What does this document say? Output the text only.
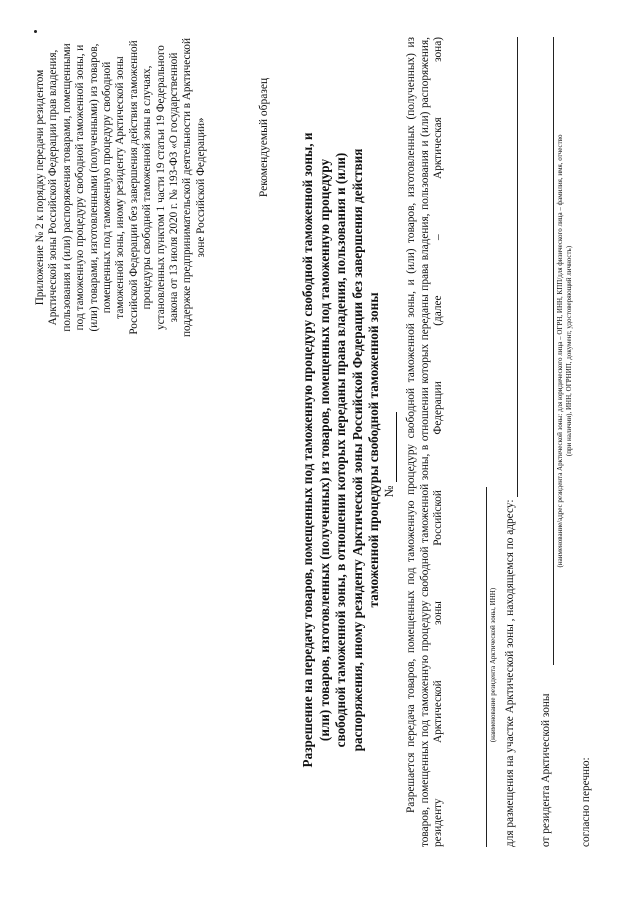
Приложение № 2 к порядку передачи резидентом Арктической зоны Российской Федерации прав владения, пользования и (или) распоряжения товарами, помещенными под таможенную процедуру свободной таможенной зоны, и (или) товарами, изготовленными (полученными) из товаров, помещенных под таможенную процедуру свободной таможенной зоны, иному резиденту Арктической зоны Российской Федерации без завершения действия таможенной процедуры свободной таможенной зоны в случаях, установленных пунктом 1 части 19 статьи 19 Федерального закона от 13 июля 2020 г. № 193-ФЗ «О государственной поддержке предпринимательской деятельности в Арктической зоне Российской Федерации»	Рекомендуемый образец Разрешение на передачу товаров, помещенных под таможенную процедуру свободной таможенной зоны, и (или) товаров, изготовленных (полученных) из товаров, помещенных под таможенную процедуру свободной таможенной зоны, в отношении которых переданы права владения, пользования и (или) распоряжения, иному резиденту Арктической зоны Российской Федерации без завершения действия таможенной процедуры свободной таможенной зоны № Разрешается передача товаров, помещенных под таможенную процедуру свободной таможенной зоны, и (или) товаров, изготовленных (полученных) из товаров, помещенных под таможенную процедуру свободной таможенной зоны, в отношении которых переданы права владения, пользования и (или) распоряжения, резиденту Арктической зоны Российской Федерации (далее – Арктическая зона)	(наименование резидента Арктической зоны, ИНН) для размещения на участке Арктической зоны , находящемся по адресу: от резидента Арктической зоны
(наименование/адрес резидента Арктической зоны: для юридического лица – ОГРН, ИНН, КПП/для физического лица – фамилия, имя, отчество (при наличии), ИНН, ОГРНИП, документ, удостоверяющий личность)
согласно перечню:
